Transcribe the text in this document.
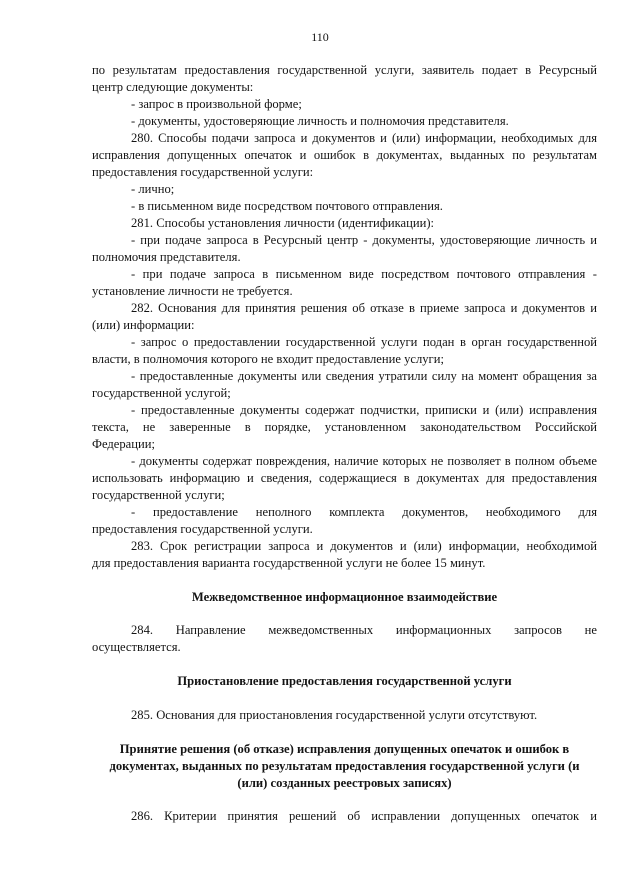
110
по результатам предоставления государственной услуги, заявитель подает в Ресурсный
центр следующие документы:
- запрос в произвольной форме;
- документы, удостоверяющие личность и полномочия представителя.
280. Способы подачи запроса и документов и (или) информации, необходимых для
исправления допущенных опечаток и ошибок в документах, выданных по результатам
предоставления государственной услуги:
- лично;
- в письменном виде посредством почтового отправления.
281. Способы установления личности (идентификации):
- при подаче запроса в Ресурсный центр - документы, удостоверяющие личность и
полномочия представителя.
- при подаче запроса в письменном виде посредством почтового отправления -
установление личности не требуется.
282. Основания для принятия решения об отказе в приеме запроса и документов и
(или) информации:
- запрос о предоставлении государственной услуги подан в орган государственной
власти, в полномочия которого не входит предоставление услуги;
- предоставленные документы или сведения утратили силу на момент обращения за
государственной услугой;
- предоставленные документы содержат подчистки, приписки и (или) исправления
текста, не заверенные в порядке, установленном законодательством Российской
Федерации;
- документы содержат повреждения, наличие которых не позволяет в полном объеме
использовать информацию и сведения, содержащиеся в документах для предоставления
государственной услуги;
- предоставление неполного комплекта документов, необходимого для
предоставления государственной услуги.
283. Срок регистрации запроса и документов и (или) информации, необходимой
для предоставления варианта государственной услуги не более 15 минут.
Межведомственное информационное взаимодействие
284. Направление межведомственных информационных запросов не
осуществляется.
Приостановление предоставления государственной услуги
285. Основания для приостановления государственной услуги отсутствуют.
Принятие решения (об отказе) исправления допущенных опечаток и ошибок в
документах, выданных по результатам предоставления государственной услуги (и
(или) созданных реестровых записях)
286. Критерии принятия решений об исправлении допущенных опечаток и
